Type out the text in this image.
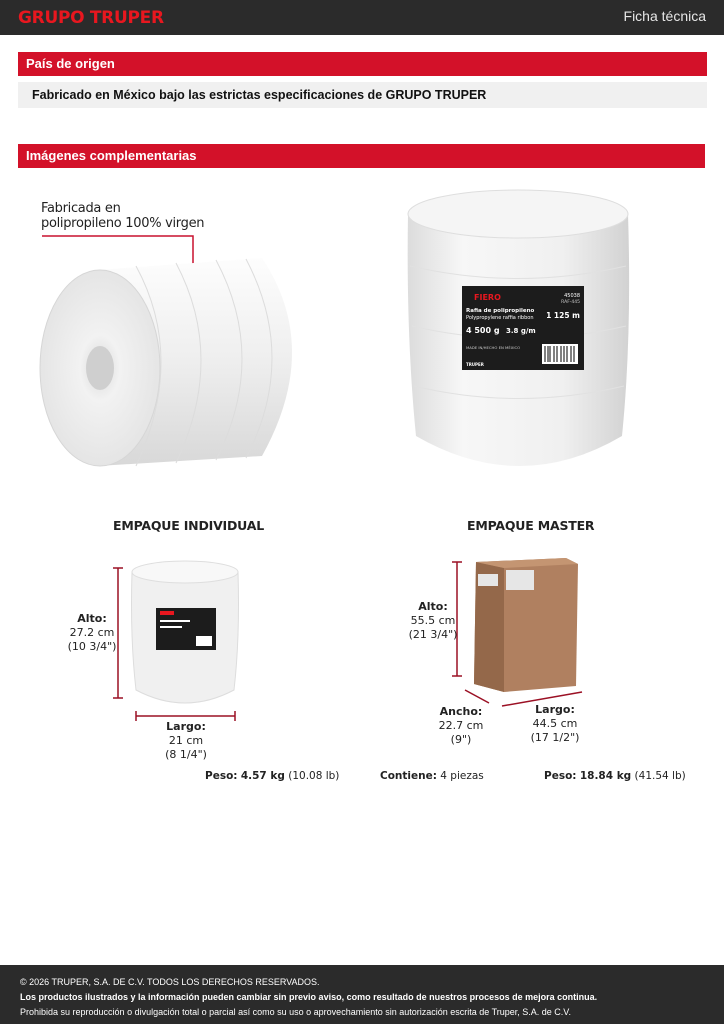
GRUPO TRUPER	Ficha técnica
País de origen
Fabricado en México bajo las estrictas especificaciones de GRUPO TRUPER
Imágenes complementarias
Fabricada en
polipropileno 100% virgen
FIERO	45038
RAF-445
Rafia de polipropileno
Polypropylene raffia ribbon 1 125 m
4 500 g 3.8 g/m
MADE IN/HECHO EN MÉXICO
TRUPER
EMPAQUE INDIVIDUAL	EMPAQUE MASTER
Alto:
27.2 cm
(10 3/4")
Largo:
21 cm
(8 1/4")
Alto:
55.5 cm
(21 3/4")
Ancho:
22.7 cm
(9")
Largo:
44.5 cm
(17 1/2")
Peso: 4.57 kg (10.08 lb)	Contiene: 4 piezas	Peso: 18.84 kg (41.54 lb)
© 2026 TRUPER, S.A. DE C.V. TODOS LOS DERECHOS RESERVADOS.
Los productos ilustrados y la información pueden cambiar sin previo aviso, como resultado de nuestros procesos de mejora continua.
Prohibida su reproducción o divulgación total o parcial así como su uso o aprovechamiento sin autorización escrita de Truper, S.A. de C.V.
